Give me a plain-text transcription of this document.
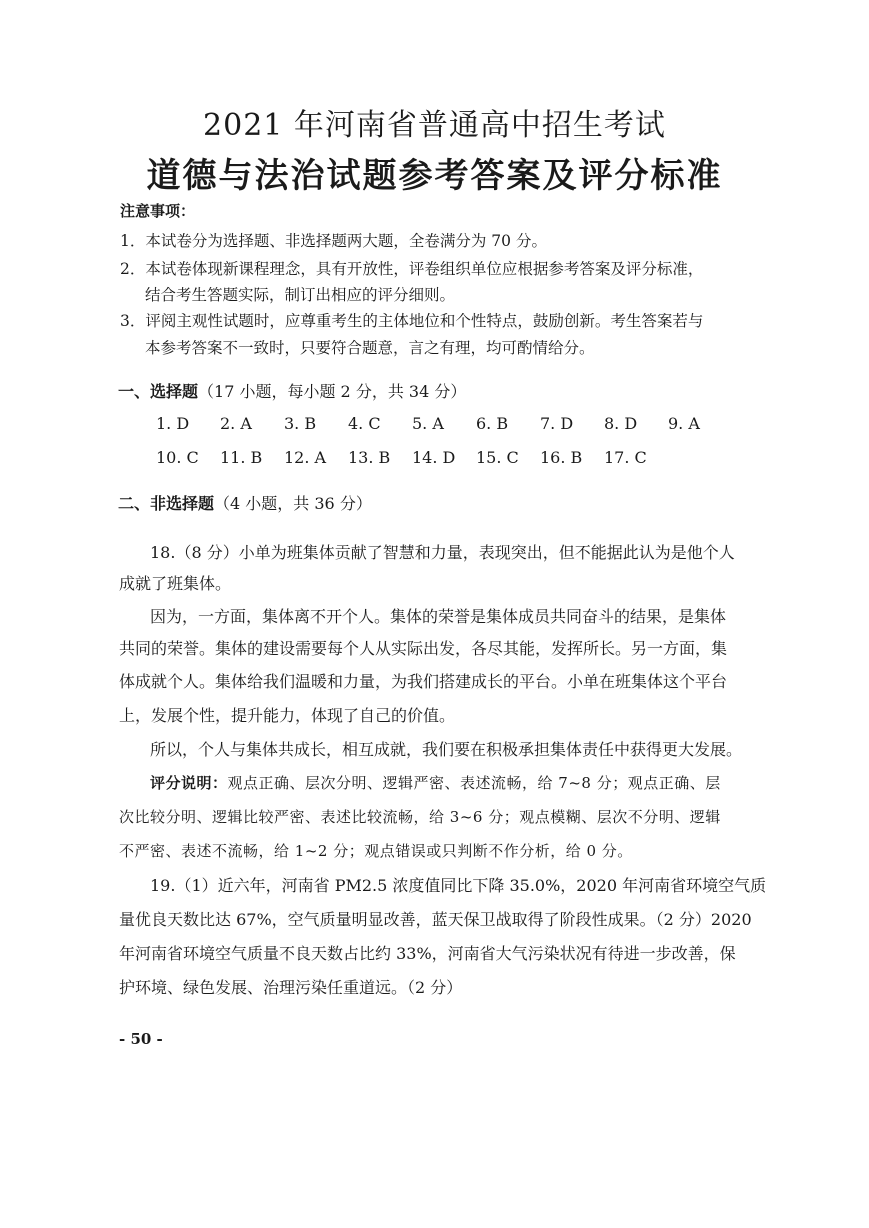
2021 年河南省普通高中招生考试
道德与法治试题参考答案及评分标准
注意事项：
1．本试卷分为选择题、非选择题两大题，全卷满分为 70 分。
2．本试卷体现新课程理念，具有开放性，评卷组织单位应根据参考答案及评分标准，
结合考生答题实际，制订出相应的评分细则。
3．评阅主观性试题时，应尊重考生的主体地位和个性特点，鼓励创新。考生答案若与
本参考答案不一致时，只要符合题意，言之有理，均可酌情给分。
一、选择题（17 小题，每小题 2 分，共 34 分）
1. D 2. A 3. B 4. C 5. A 6. B 7. D 8. D 9. A
10. C 11. B 12. A 13. B 14. D 15. C 16. B 17. C
二、非选择题（4 小题，共 36 分）
18.（8 分）小单为班集体贡献了智慧和力量，表现突出，但不能据此认为是他个人
成就了班集体。
因为，一方面，集体离不开个人。集体的荣誉是集体成员共同奋斗的结果，是集体
共同的荣誉。集体的建设需要每个人从实际出发，各尽其能，发挥所长。另一方面，集
体成就个人。集体给我们温暖和力量，为我们搭建成长的平台。小单在班集体这个平台
上，发展个性，提升能力，体现了自己的价值。
所以，个人与集体共成长，相互成就，我们要在积极承担集体责任中获得更大发展。
评分说明：观点正确、层次分明、逻辑严密、表述流畅，给 7~8 分；观点正确、层
次比较分明、逻辑比较严密、表述比较流畅，给 3~6 分；观点模糊、层次不分明、逻辑
不严密、表述不流畅，给 1~2 分；观点错误或只判断不作分析，给 0 分。
19.（1）近六年，河南省 PM2.5 浓度值同比下降 35.0%，2020 年河南省环境空气质
量优良天数比达 67%，空气质量明显改善，蓝天保卫战取得了阶段性成果。（2 分）2020
年河南省环境空气质量不良天数占比约 33%，河南省大气污染状况有待进一步改善，保
护环境、绿色发展、治理污染任重道远。（2 分）
- 50 -
